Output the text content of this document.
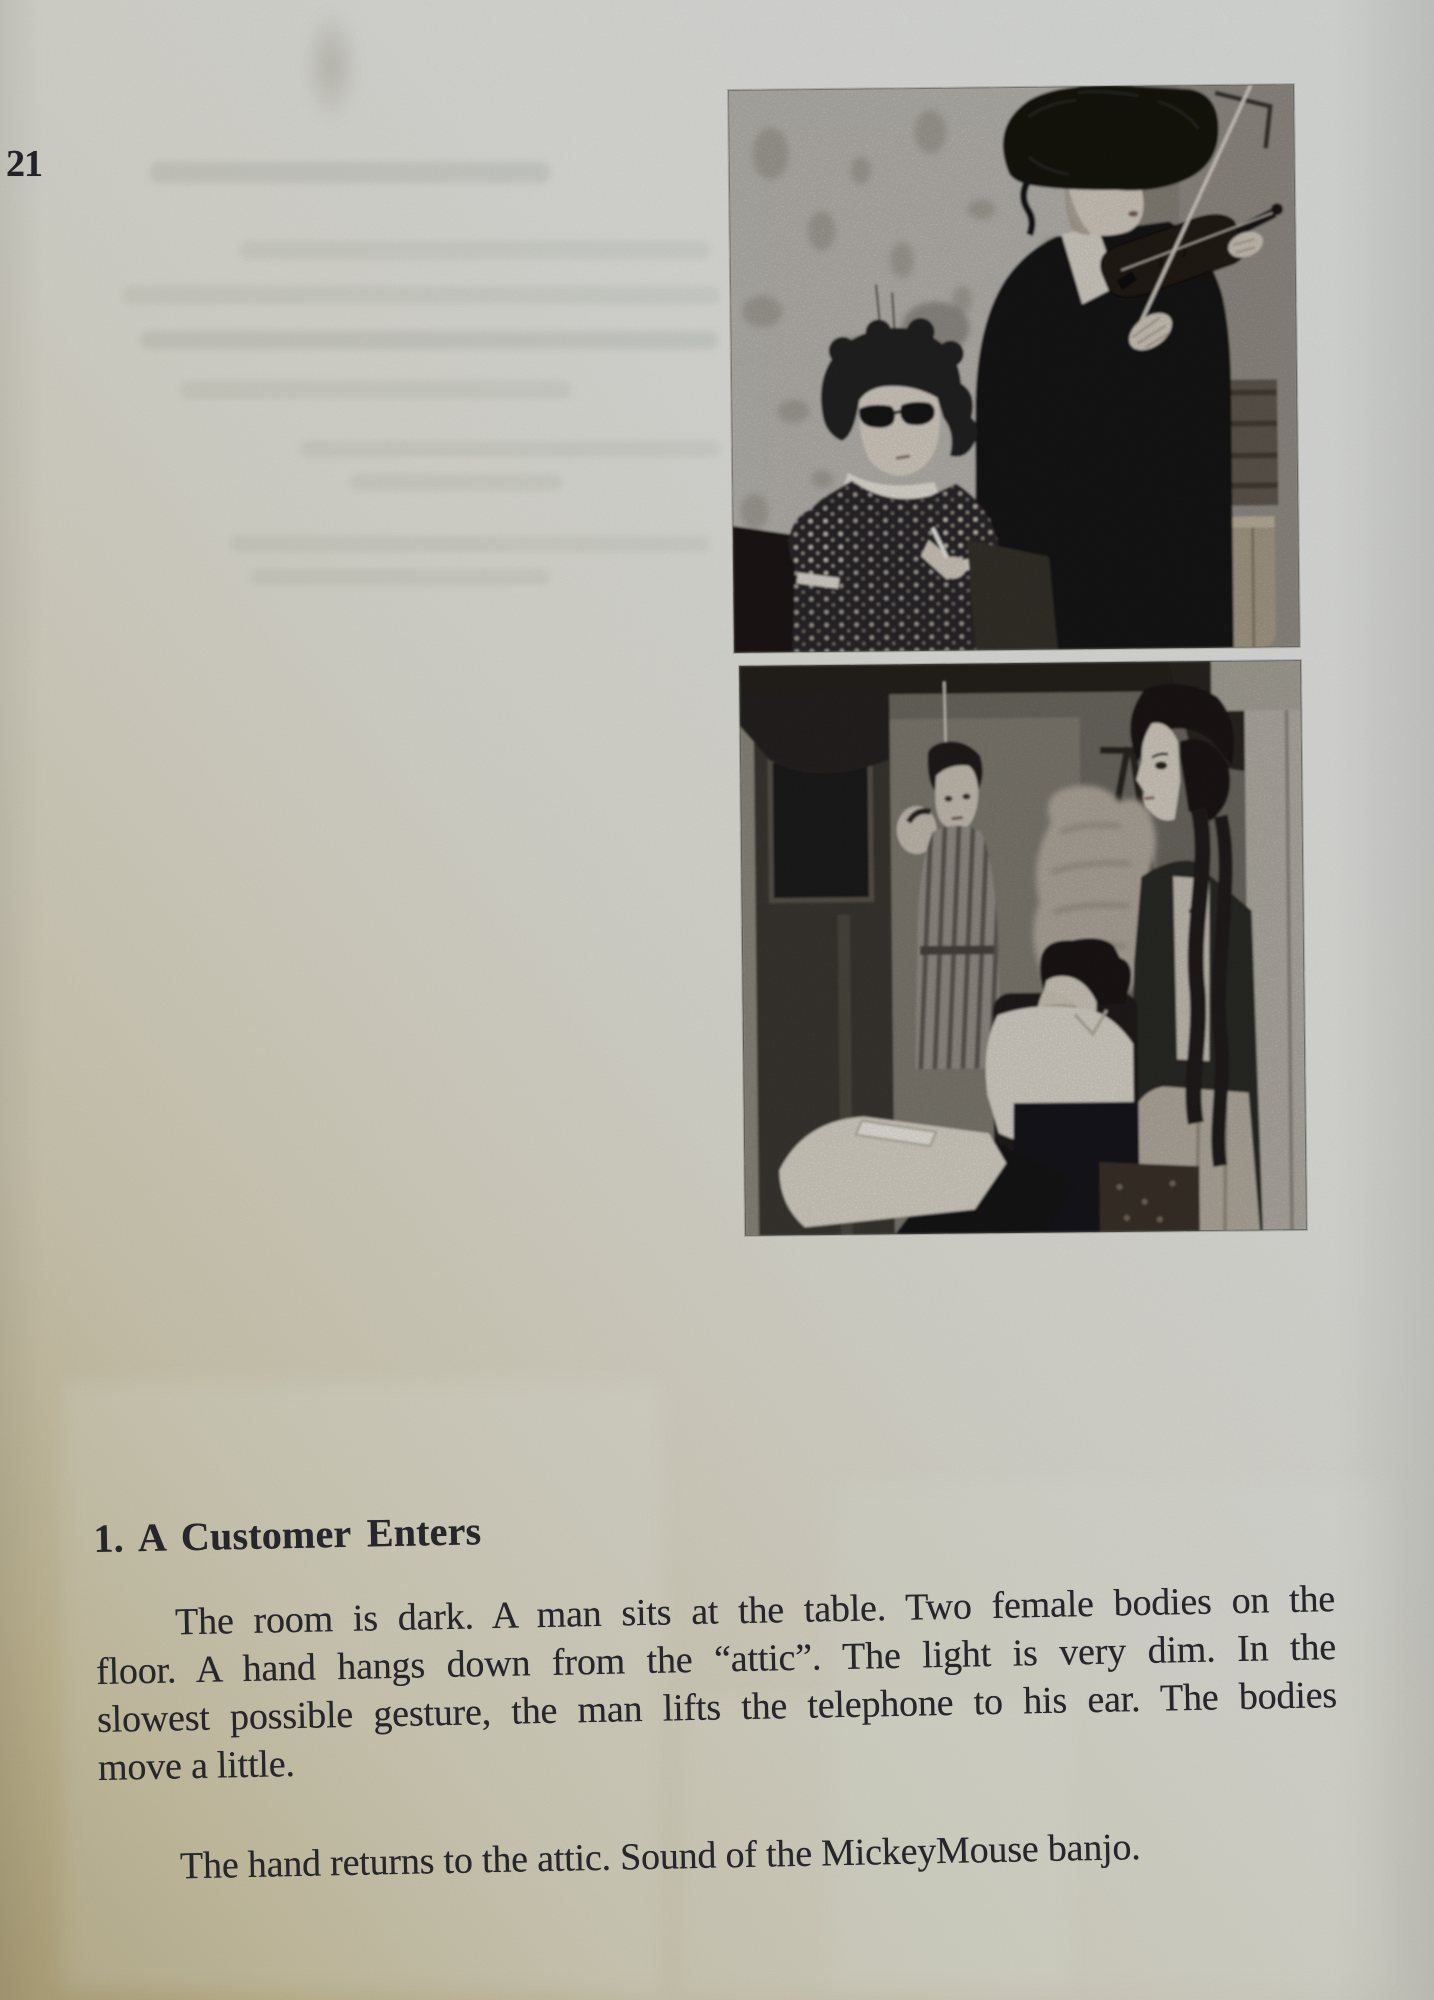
21
1. A Customer Enters
The room is dark. A man sits at the table. Two female bodies on the
floor. A hand hangs down from the “attic”. The light is very dim. In the
slowest possible gesture, the man lifts the telephone to his ear. The bodies
move a little.
The hand returns to the attic. Sound of the MickeyMouse banjo.
